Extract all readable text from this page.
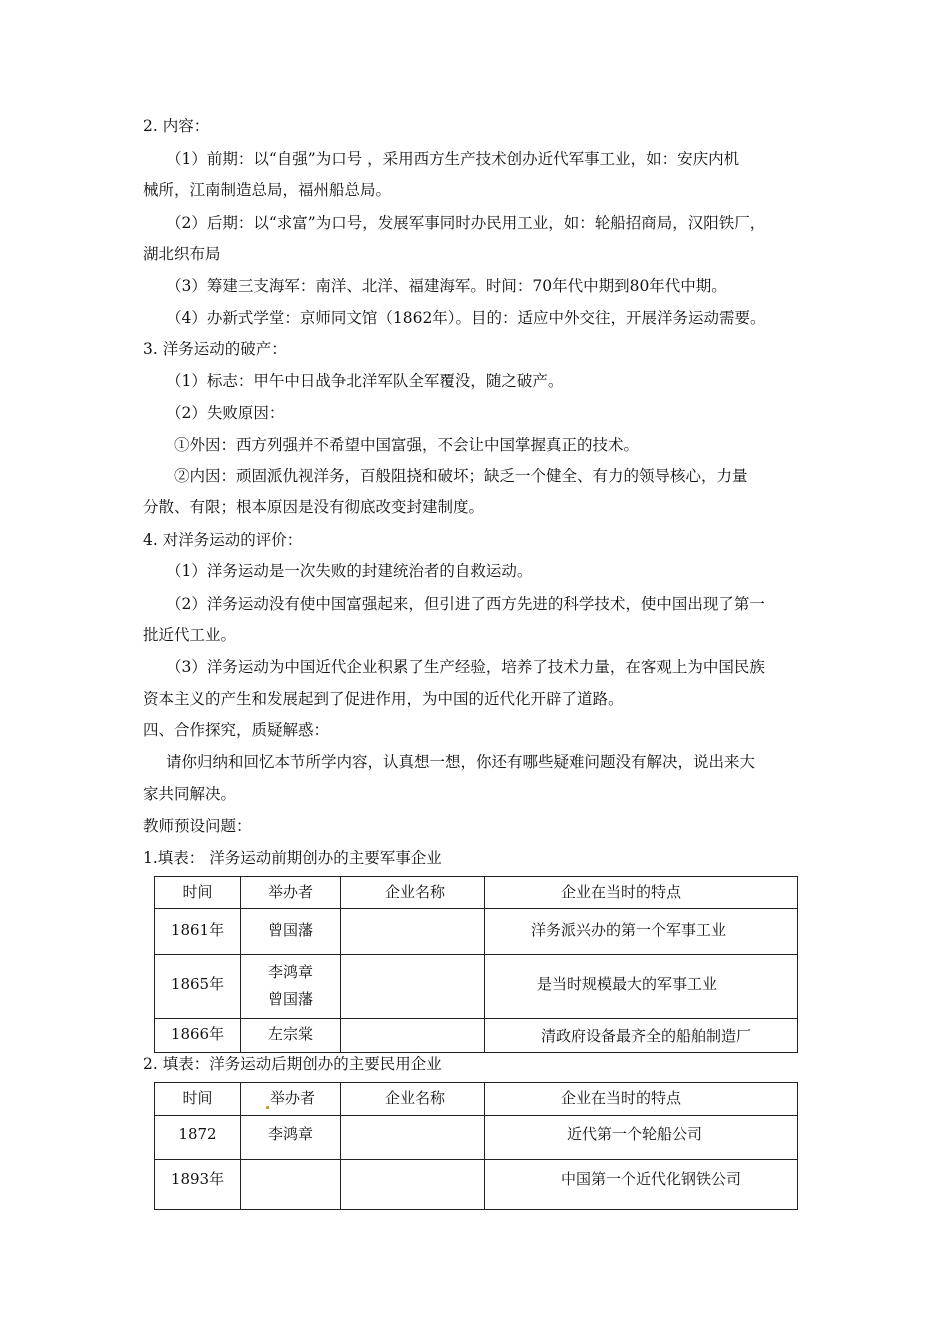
2. 内容：
（1）前期：以“自强”为口号 ，采用西方生产技术创办近代军事工业，如：安庆内机
械所，江南制造总局，福州船总局。
（2）后期：以“求富”为口号，发展军事同时办民用工业，如：轮船招商局，汉阳铁厂，
湖北织布局
（3）筹建三支海军：南洋、北洋、福建海军。时间：70年代中期到80年代中期。
（4）办新式学堂：京师同文馆（1862年）。目的：适应中外交往，开展洋务运动需要。
3. 洋务运动的破产：
（1）标志：甲午中日战争北洋军队全军覆没，随之破产。
（2）失败原因：
①外因：西方列强并不希望中国富强，不会让中国掌握真正的技术。
②内因：顽固派仇视洋务，百般阻挠和破坏；缺乏一个健全、有力的领导核心，力量
分散、有限；根本原因是没有彻底改变封建制度。
4. 对洋务运动的评价：
（1）洋务运动是一次失败的封建统治者的自救运动。
（2）洋务运动没有使中国富强起来，但引进了西方先进的科学技术，使中国出现了第一
批近代工业。
（3）洋务运动为中国近代企业积累了生产经验，培养了技术力量，在客观上为中国民族
资本主义的产生和发展起到了促进作用，为中国的近代化开辟了道路。
四、合作探究，质疑解惑：
请你归纳和回忆本节所学内容，认真想一想，你还有哪些疑难问题没有解决，说出来大
家共同解决。
教师预设问题：
1.填表： 洋务运动前期创办的主要军事企业
时间	举办者	企业名称	企业在当时的特点

1861年	曾国藩		洋务派兴办的第一个军事工业

1865年	李鸿章
曾国藩		是当时规模最大的军事工业

1866年	左宗棠		清政府设备最齐全的船舶制造厂
2. 填表：洋务运动后期创办的主要民用企业
时间	举办者	企业名称	企业在当时的特点

1872	李鸿章		近代第一个轮船公司

1893年			中国第一个近代化钢铁公司
